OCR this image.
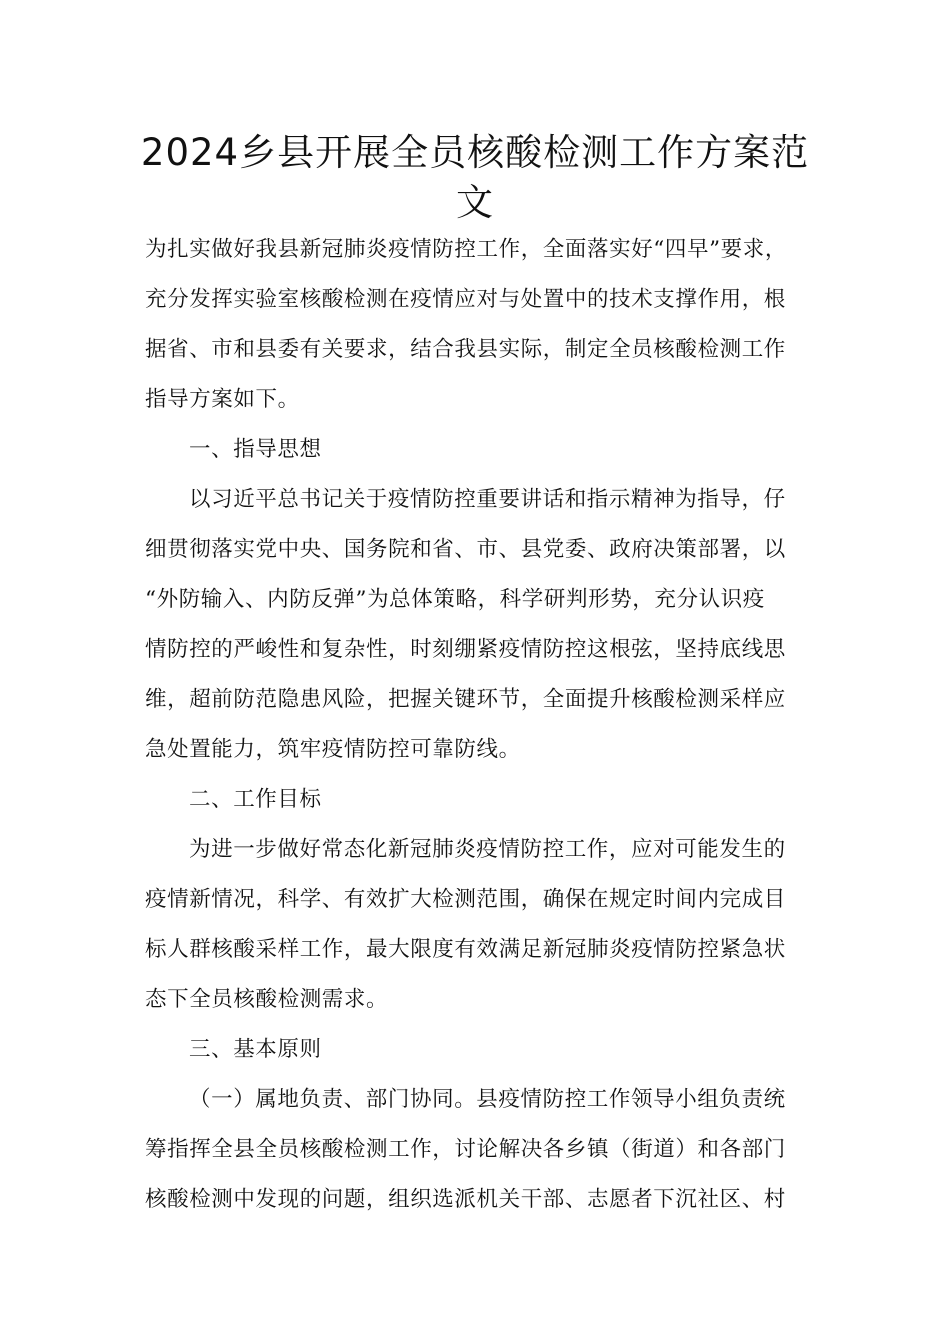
2024乡县开展全员核酸检测工作方案范
文
为扎实做好我县新冠肺炎疫情防控工作，全面落实好“四早”要求，
充分发挥实验室核酸检测在疫情应对与处置中的技术支撑作用，根
据省、市和县委有关要求，结合我县实际，制定全员核酸检测工作
指导方案如下。
一、指导思想
以习近平总书记关于疫情防控重要讲话和指示精神为指导，仔
细贯彻落实党中央、国务院和省、市、县党委、政府决策部署，以
“外防输入、内防反弹”为总体策略，科学研判形势，充分认识疫
情防控的严峻性和复杂性，时刻绷紧疫情防控这根弦，坚持底线思
维，超前防范隐患风险，把握关键环节，全面提升核酸检测采样应
急处置能力，筑牢疫情防控可靠防线。
二、工作目标
为进一步做好常态化新冠肺炎疫情防控工作，应对可能发生的
疫情新情况，科学、有效扩大检测范围，确保在规定时间内完成目
标人群核酸采样工作，最大限度有效满足新冠肺炎疫情防控紧急状
态下全员核酸检测需求。
三、基本原则
（一）属地负责、部门协同。县疫情防控工作领导小组负责统
筹指挥全县全员核酸检测工作，讨论解决各乡镇（街道）和各部门
核酸检测中发现的问题，组织选派机关干部、志愿者下沉社区、村
